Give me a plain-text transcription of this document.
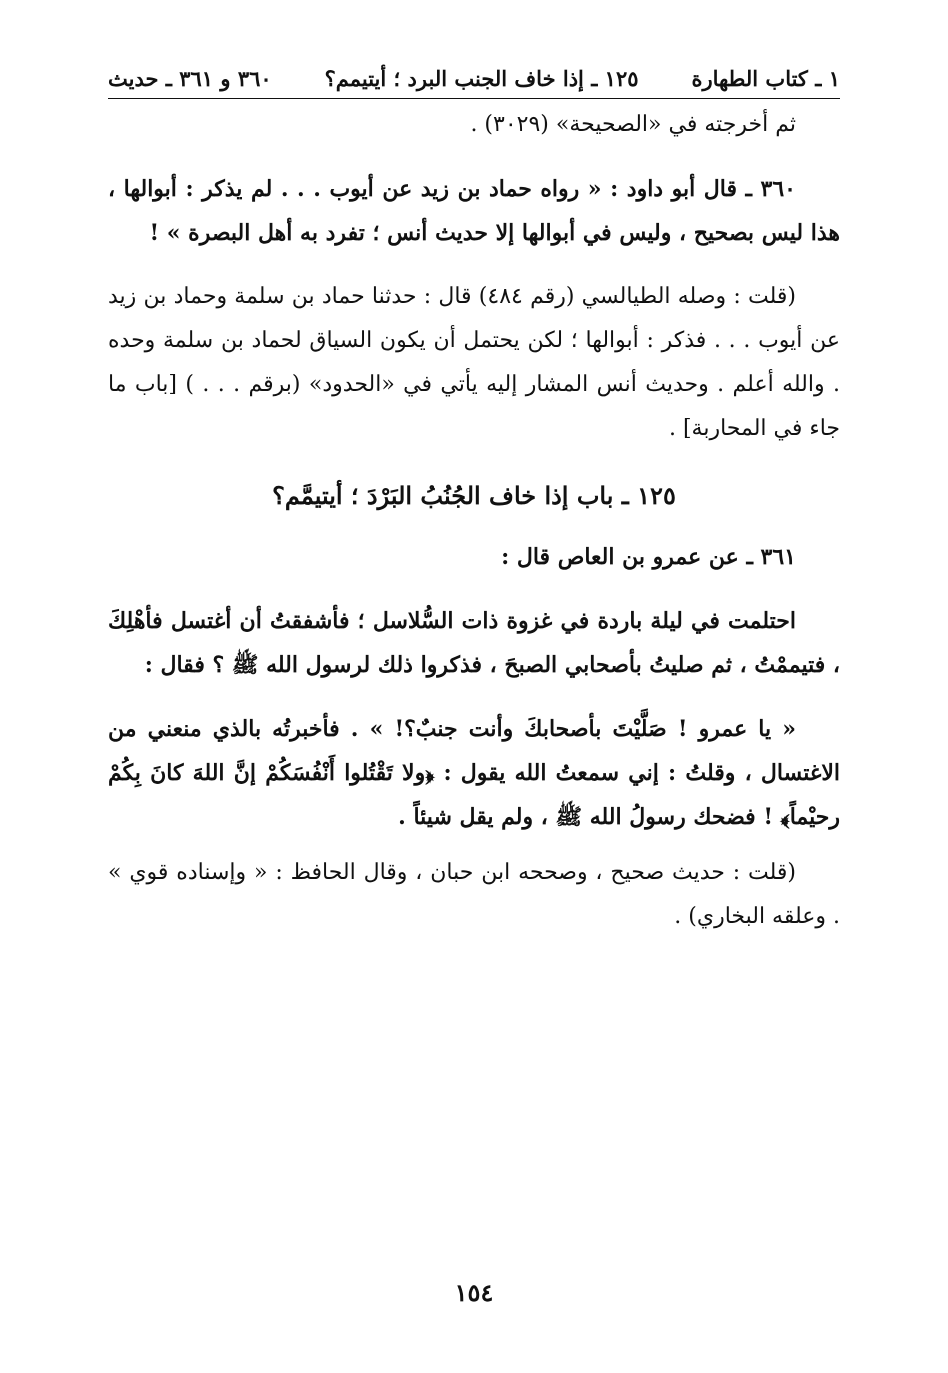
١ ـ كتاب الطهارة
١٢٥ ـ إذا خاف الجنب البرد ؛ أيتيمم؟
٣٦٠ و ٣٦١ ـ حديث

ثم أخرجته في «الصحيحة» (٣٠٢٩) .

٣٦٠ ـ قال أبو داود : « رواه حماد بن زيد عن أيوب . . . لم يذكر : أبوالها ، هذا ليس بصحيح ، وليس في أبوالها إلا حديث أنس ؛ تفرد به أهل البصرة » !

(قلت : وصله الطيالسي (رقم ٤٨٤) قال : حدثنا حماد بن سلمة وحماد بن زيد عن أيوب . . . فذكر : أبوالها ؛ لكن يحتمل أن يكون السياق لحماد بن سلمة وحده . والله أعلم . وحديث أنس المشار إليه يأتي في «الحدود» (برقم . . . ) [باب ما جاء في المحاربة] .

١٢٥ ـ باب إذا خاف الجُنُبُ البَرْدَ ؛ أيتيمَّم؟

٣٦١ ـ عن عمرو بن العاص قال :

احتلمت في ليلة باردة في غزوة ذات السُّلاسل ؛ فأشفقتُ أن أغتسل فأهْلِكَ ، فتيممْتُ ، ثم صليتُ بأصحابي الصبحَ ، فذكروا ذلك لرسول الله ﷺ ؟ فقال :

« يا عمرو ! صَلَّيْتَ بأصحابكَ وأنت جنبٌ؟! » . فأخبرتُه بالذي منعني من الاغتسال ، وقلتُ : إني سمعتُ الله يقول : ﴿ولا تَقْتُلوا أَنْفُسَكُمْ إنَّ اللهَ كانَ بِكُمْ رحيْماً﴾ ! فضحك رسولُ الله ﷺ ، ولم يقل شيئاً .

(قلت : حديث صحيح ، وصححه ابن حبان ، وقال الحافظ : « وإسناده قوي » . وعلقه البخاري) .

١٥٤
